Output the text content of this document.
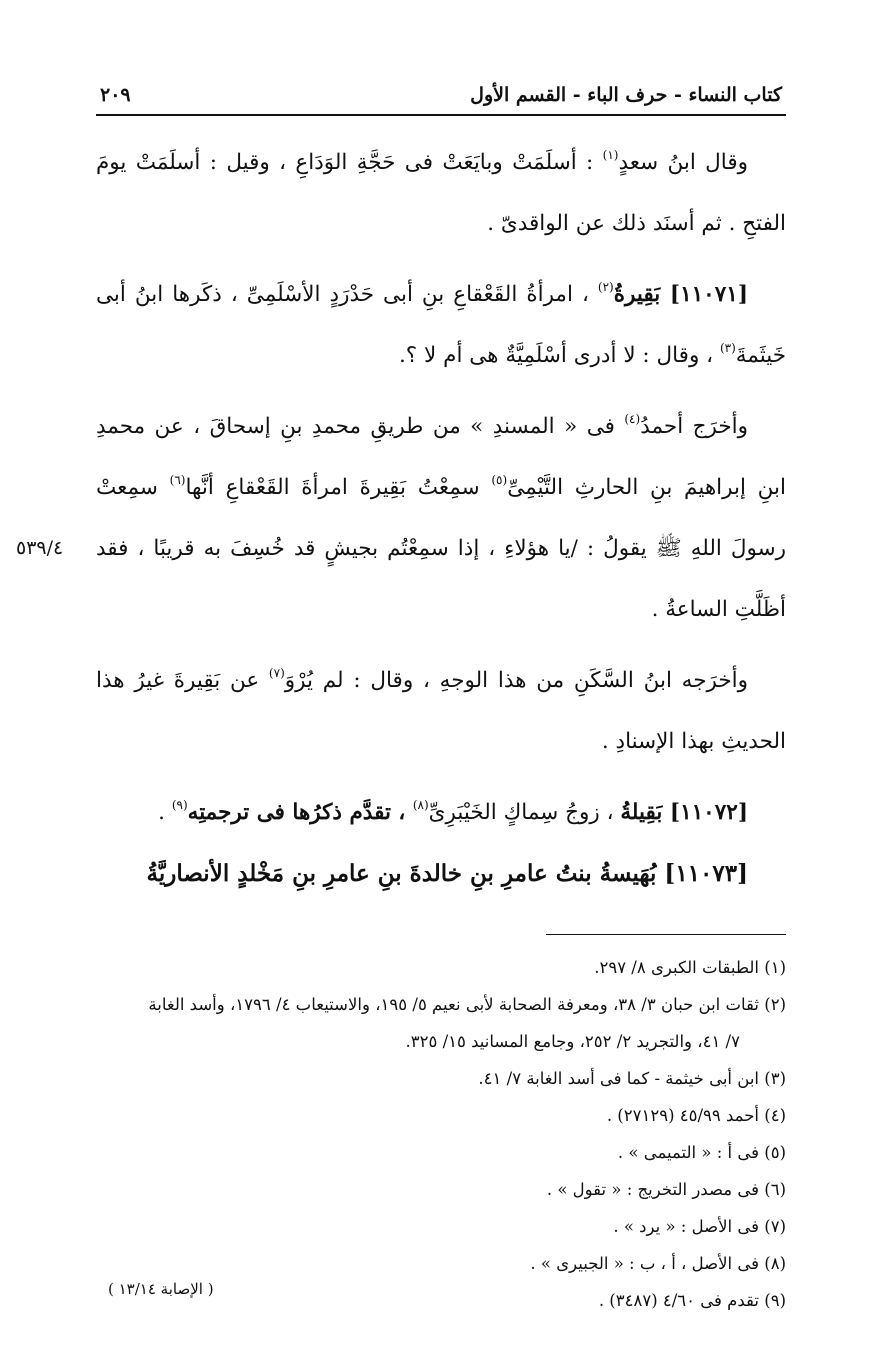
كتاب النساء - حرف الباء - القسم الأول
٢٠٩

وقال ابنُ سعدٍ$^{(١)}$ : أسلَمَتْ وبايَعَتْ فى حَجَّةِ الوَدَاعِ ، وقيل : أسلَمَتْ يومَ الفتحِ . ثم أسنَد ذلك عن الواقدىّ .

[١١٠٧١] بَقِيرةُ$^{(٢)}$ ، امرأةُ القَعْقاعِ بنِ أبى حَدْرَدٍ الأسْلَمِىِّ ، ذكَرها ابنُ أبى خَيثَمةَ$^{(٣)}$ ، وقال : لا أدرى أسْلَمِيَّةٌ هى أم لا ؟.

وأخرَج أحمدُ$^{(٤)}$ فى « المسندِ » من طريقِ محمدِ بنِ إسحاقَ ، عن محمدِ ابنِ إبراهيمَ بنِ الحارثِ التَّيْمِىِّ$^{(٥)}$ سمِعْتُ بَقِيرةَ امرأةَ القَعْقاعِ أنَّها$^{(٦)}$ سمِعتْ رسولَ اللهِ ﷺ يقولُ : /يا هؤلاءِ ، إذا سمِعْتُم بجيشٍ قد خُسِفَ به قريبًا ، فقد
٥٣٩/٤
أظَلَّتِ الساعةُ .

وأخرَجه ابنُ السَّكَنِ من هذا الوجهِ ، وقال : لم يُرْوَ$^{(٧)}$ عن بَقِيرةَ غيرُ هذا الحديثِ بهذا الإسنادِ .

[١١٠٧٢] بَقِيلةُ ، زوجُ سِماكٍ الخَيْبَرِىِّ$^{(٨)}$ ، تقدَّم ذكرُها فى ترجمتِه$^{(٩)}$ .

[١١٠٧٣] بُهَيسةُ بنتُ عامرِ بنِ خالدةَ بنِ عامرِ بنِ مَخْلدٍ الأنصاريَّةُ

(١) الطبقات الكبرى ٨/ ٢٩٧.

(٢) ثقات ابن حبان ٣/ ٣٨، ومعرفة الصحابة لأبى نعيم ٥/ ١٩٥، والاستيعاب ٤/ ١٧٩٦، وأسد الغابة

٧/ ٤١، والتجريد ٢/ ٢٥٢، وجامع المسانيد ١٥/ ٣٢٥.

(٣) ابن أبى خيثمة - كما فى أسد الغابة ٧/ ٤١.

(٤) أحمد ٤٥/٩٩ (٢٧١٢٩) .

(٥) فى أ : « التميمى » .

(٦) فى مصدر التخريج : « تقول » .

(٧) فى الأصل : « يرد » .

(٨) فى الأصل ، أ ، ب : « الجبيرى » .

(٩) تقدم فى ٤/٦٠ (٣٤٨٧) .

( الإصابة ١٣/١٤ )
